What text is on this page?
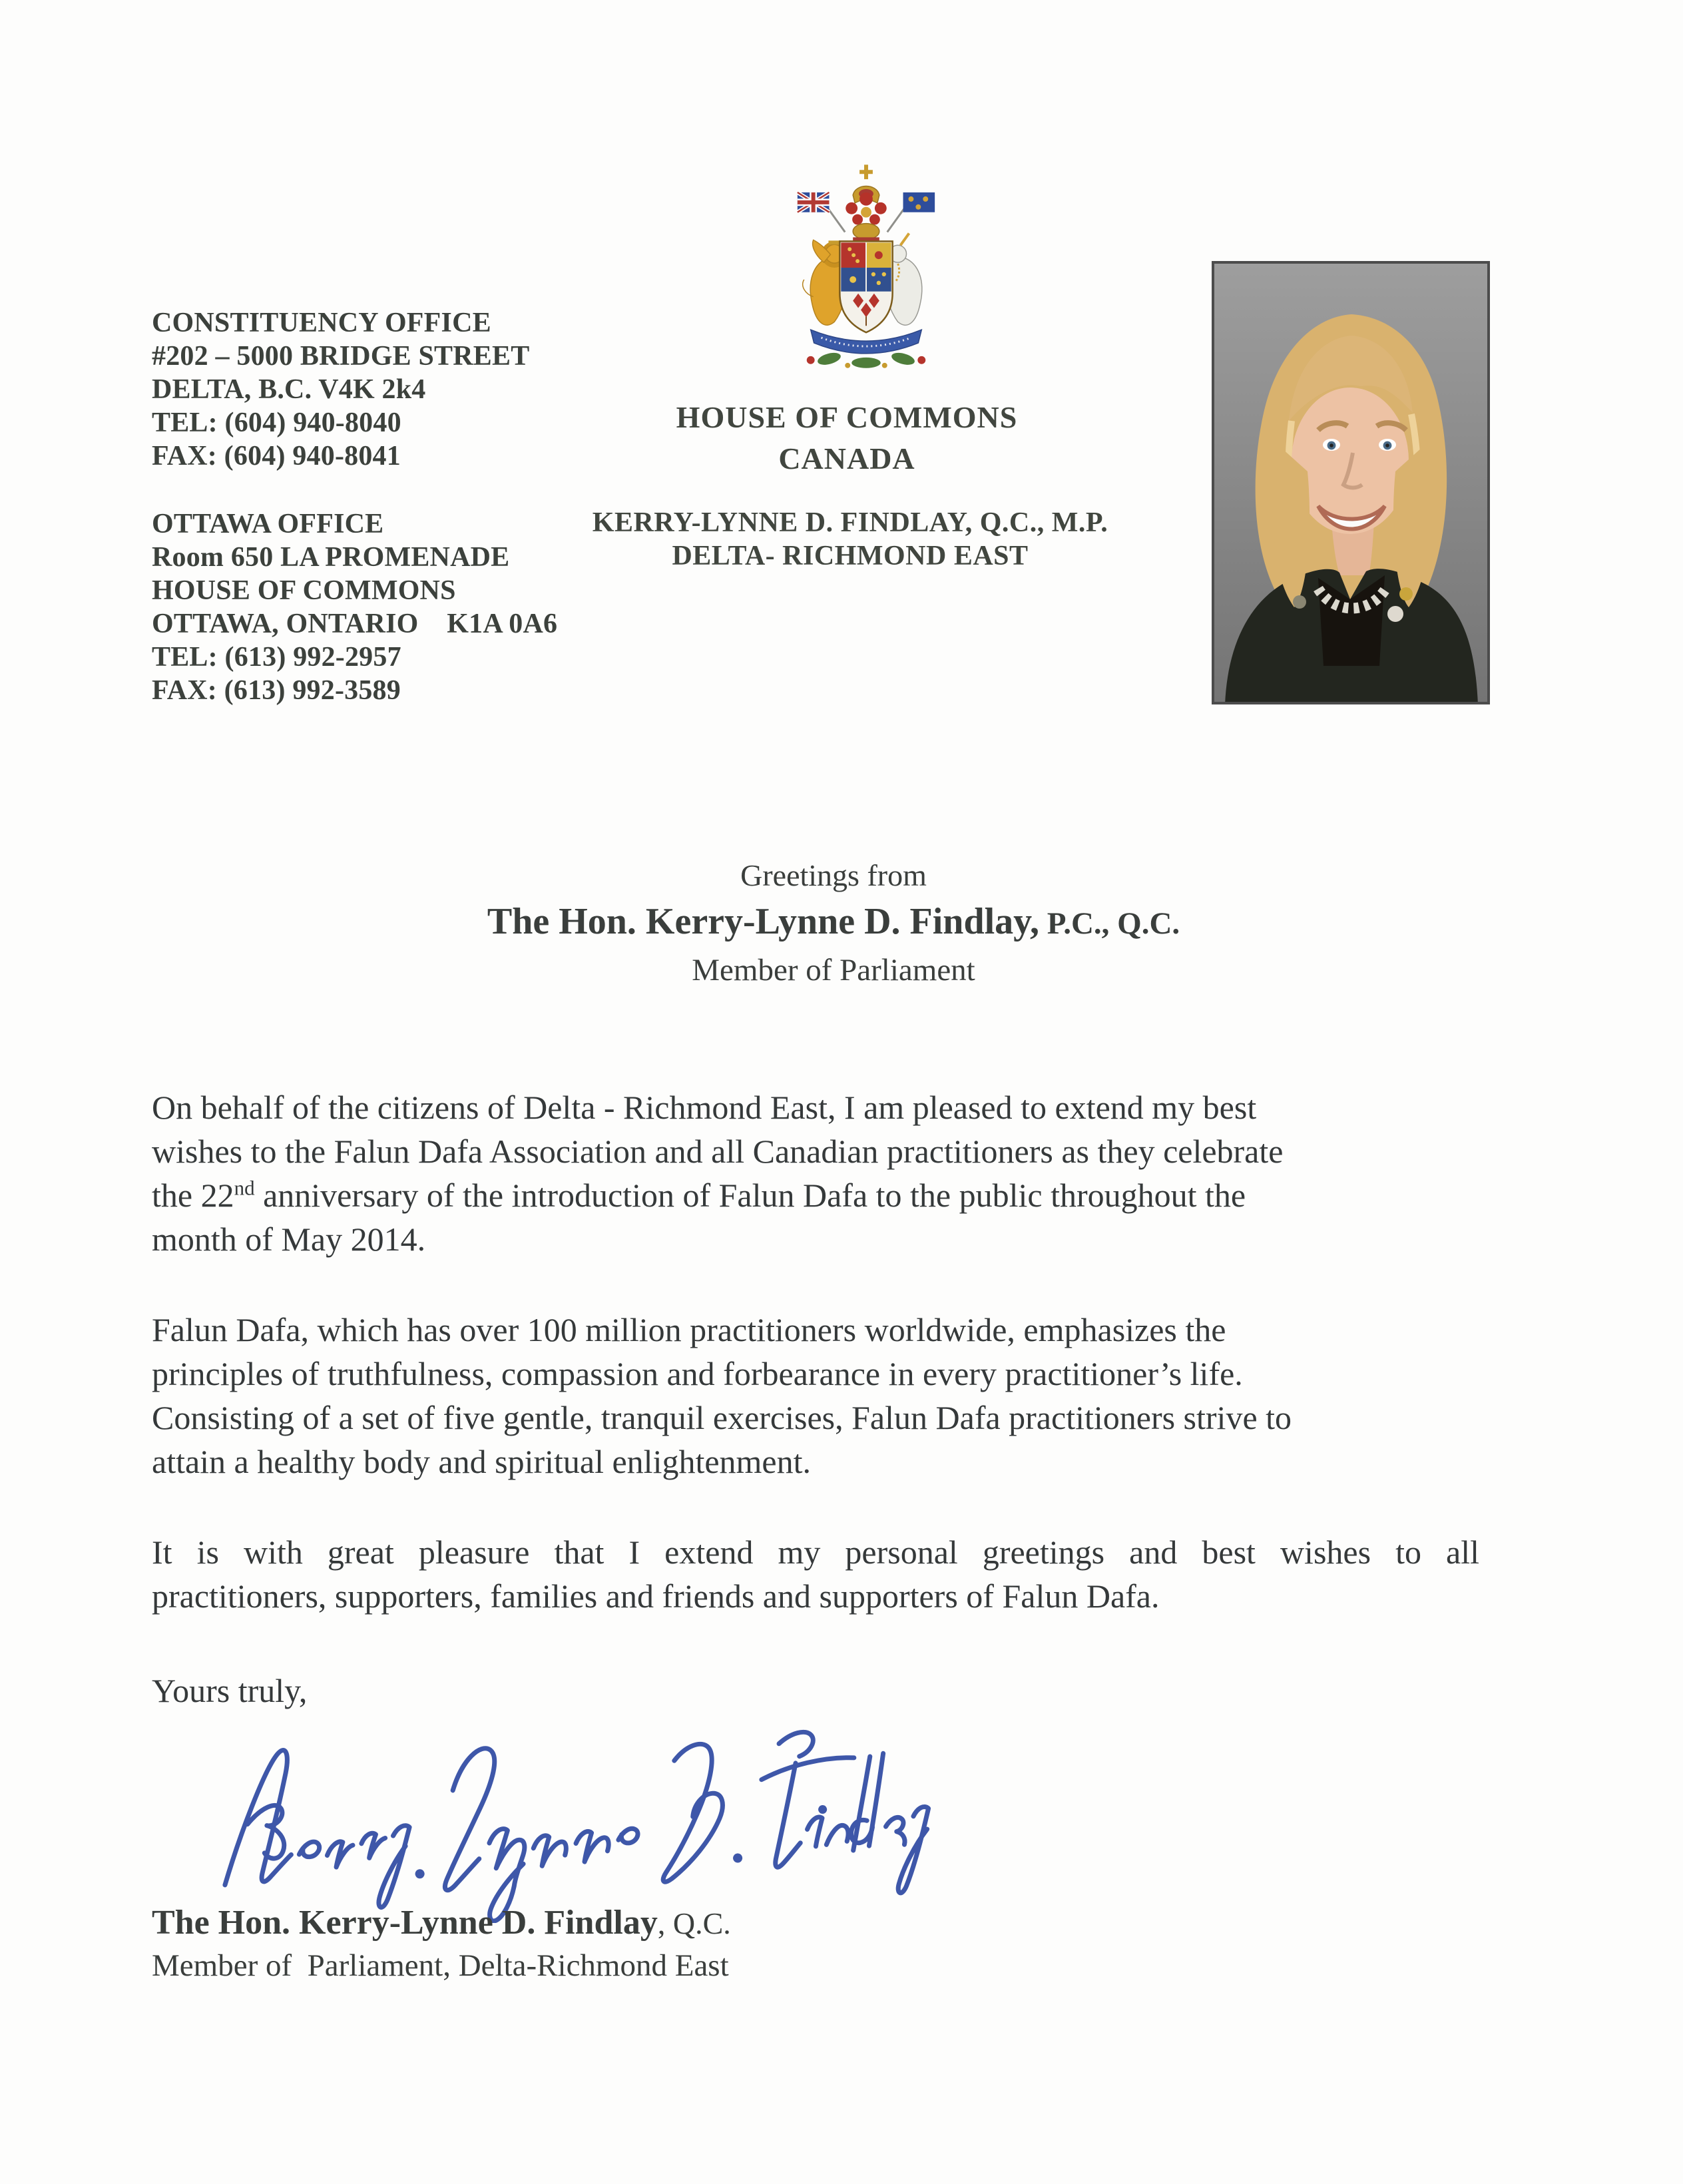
CONSTITUENCY OFFICE
#202 – 5000 BRIDGE STREET
DELTA, B.C. V4K 2k4
TEL: (604) 940-8040
FAX: (604) 940-8041
OTTAWA OFFICE
Room 650 LA PROMENADE
HOUSE OF COMMONS
OTTAWA, ONTARIO    K1A 0A6
TEL: (613) 992-2957
FAX: (613) 992-3589
HOUSE OF COMMONS
CANADA
KERRY-LYNNE D. FINDLAY, Q.C., M.P.
DELTA- RICHMOND EAST
Greetings from
The Hon. Kerry-Lynne D. Findlay, P.C., Q.C.
Member of Parliament
On behalf of the citizens of Delta - Richmond East, I am pleased to extend my best
wishes to the Falun Dafa Association and all Canadian practitioners as they celebrate
the 22nd anniversary of the introduction of Falun Dafa to the public throughout the
month of May 2014.
Falun Dafa, which has over 100 million practitioners worldwide, emphasizes the
principles of truthfulness, compassion and forbearance in every practitioner’s life.
Consisting of a set of five gentle, tranquil exercises, Falun Dafa practitioners strive to
attain a healthy body and spiritual enlightenment.
It is with great pleasure that I extend my personal greetings and best wishes to all
practitioners, supporters, families and friends and supporters of Falun Dafa.
Yours truly,
The Hon. Kerry-Lynne D. Findlay, Q.C.
Member of  Parliament, Delta-Richmond East
